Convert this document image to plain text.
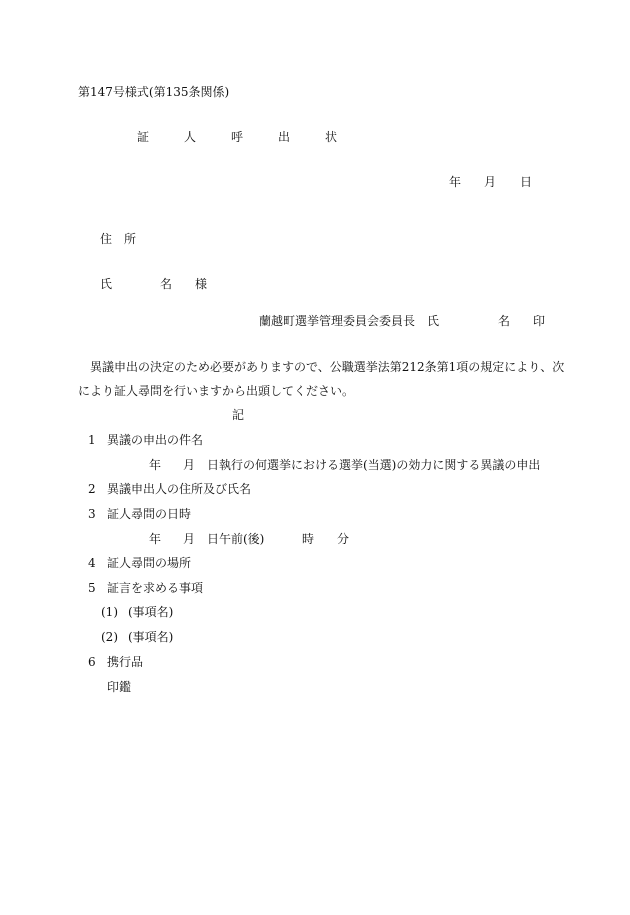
第147号様式(第135条関係)
証	人	呼	出	状
年 月 日
住　所
氏	名 様
蘭越町選挙管理委員会委員長　氏	名 印
異議申出の決定のため必要がありますので、公職選挙法第212条第1項の規定により、次
により証人尋問を行いますから出頭してください。
記
1 異議の申出の件名
年 月 日執行の何選挙における選挙(当選)の効力に関する異議の申出
2 異議申出人の住所及び氏名
3 証人尋問の日時
年 月 日午前(後)	時 分
4 証人尋問の場所
5 証言を求める事項
(1) (事項名)
(2) (事項名)
6 携行品
印鑑
